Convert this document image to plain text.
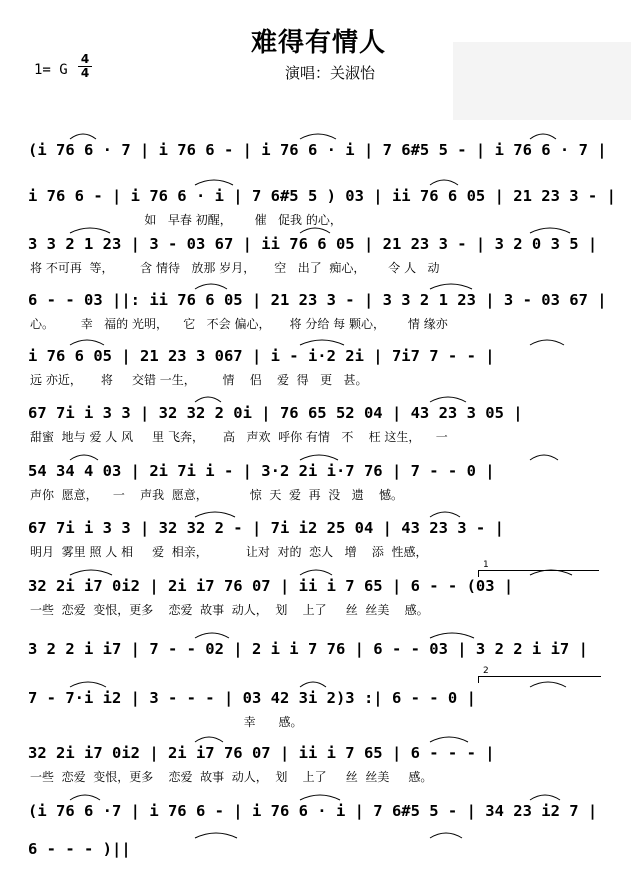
难得有情人
演唱：关淑怡
1= G
4
4
(i 76 6 · 7 | i 76 6 - | i 76 6 · i | 7 6#5 5 - | i 76 6 · 7 |
i 76 6 - | i 76 6 · i | 7 6#5 5 ) 03 | ii 76 6 05 | 21 23 3 - |
如   早春 初醒，      催   促我 的心，
3 3 2 1 23 | 3 - 03 67 | ii 76 6 05 | 21 23 3 - | 3 2 0 3 5 |
将 不可再  等，       含 情待   放那 岁月，     空   出了  痴心，      令 人   动
6 - - 03 ||: ii 76 6 05 | 21 23 3 - | 3 3 2 1 23 | 3 - 03 67 |
心。       幸   福的 光明，    它   不会 偏心，     将 分给 每 颗心，      情 缘亦
i 76 6 05 | 21 23 3 067 | i - i·2 2i | 7i7 7 - - |
远 亦近，     将     交错 一生，       情    侣    爱  得   更   甚。
67 7i i 3 3 | 32 32 2 0i | 76 65 52 04 | 43 23 3 05 |
甜蜜  地与 爱 人 风     里 飞奔，     高   声欢  呼你 有情   不    枉 这生，    一
54 34 4 03 | 2i 7i i - | 3·2 2i i·7 76 | 7 - - 0 |
声你  愿意，    一    声我  愿意，           惊  天  爱  再  没   遗    憾。
67 7i i 3 3 | 32 32 2 - | 7i i2 25 04 | 43 23 3 - |
明月  雾里 照 人 相     爱  相亲，          让对  对的  恋人   增    添  性感，
32 2i i7 0i2 | 2i i7 76 07 | ii i 7 65 | 6 - - (03 |
一些  恋爱  变恨，更多    恋爱  故事  动人，  划    上了     丝  丝美    感。
3 2 2 i i7 | 7 - - 02 | 2 i i 7 76 | 6 - - 03 | 3 2 2 i i7 |
7 - 7·i i2 | 3 - - - | 03 42 3i 2)3 :| 6 - - 0 |
幸      感。
32 2i i7 0i2 | 2i i7 76 07 | ii i 7 65 | 6 - - - |
一些  恋爱  变恨，更多    恋爱  故事  动人，  划    上了     丝  丝美     感。
(i 76 6 ·7 | i 76 6 - | i 76 6 · i | 7 6#5 5 - | 34 23 i2 7 |
6 - - - )||
1
2
